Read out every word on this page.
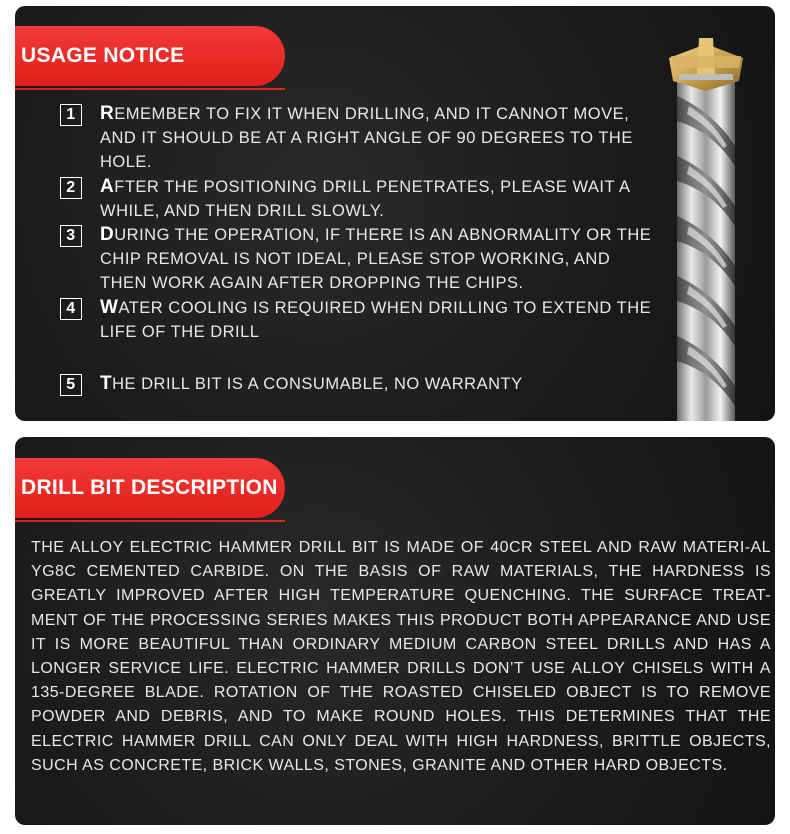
USAGE NOTICE
1	REMEMBER TO FIX IT WHEN DRILLING, AND IT CANNOT MOVE, AND IT SHOULD BE AT A RIGHT ANGLE OF 90 DEGREES TO THE HOLE.
2	AFTER THE POSITIONING DRILL PENETRATES, PLEASE WAIT A WHILE, AND THEN DRILL SLOWLY.
3	DURING THE OPERATION, IF THERE IS AN ABNORMALITY OR THE CHIP REMOVAL IS NOT IDEAL, PLEASE STOP WORKING, AND THEN WORK AGAIN AFTER DROPPING THE CHIPS.
4	WATER COOLING IS REQUIRED WHEN DRILLING TO EXTEND THE LIFE OF THE DRILL
5	THE DRILL BIT IS A CONSUMABLE, NO WARRANTY
DRILL BIT DESCRIPTION
THE ALLOY ELECTRIC HAMMER DRILL BIT IS MADE OF 40CR STEEL AND RAW MATERI-AL YG8C CEMENTED CARBIDE. ON THE BASIS OF RAW MATERIALS, THE HARDNESS IS GREATLY IMPROVED AFTER HIGH TEMPERATURE QUENCHING. THE SURFACE TREAT-MENT OF THE PROCESSING SERIES MAKES THIS PRODUCT BOTH APPEARANCE AND USE IT IS MORE BEAUTIFUL THAN ORDINARY MEDIUM CARBON STEEL DRILLS AND HAS A LONGER SERVICE LIFE. ELECTRIC HAMMER DRILLS DON’T USE ALLOY CHISELS WITH A 135-DEGREE BLADE. ROTATION OF THE ROASTED CHISELED OBJECT IS TO REMOVE POWDER AND DEBRIS, AND TO MAKE ROUND HOLES. THIS DETERMINES THAT THE ELECTRIC HAMMER DRILL CAN ONLY DEAL WITH HIGH HARDNESS, BRITTLE OBJECTS, SUCH AS CONCRETE, BRICK WALLS, STONES, GRANITE AND OTHER HARD OBJECTS.
